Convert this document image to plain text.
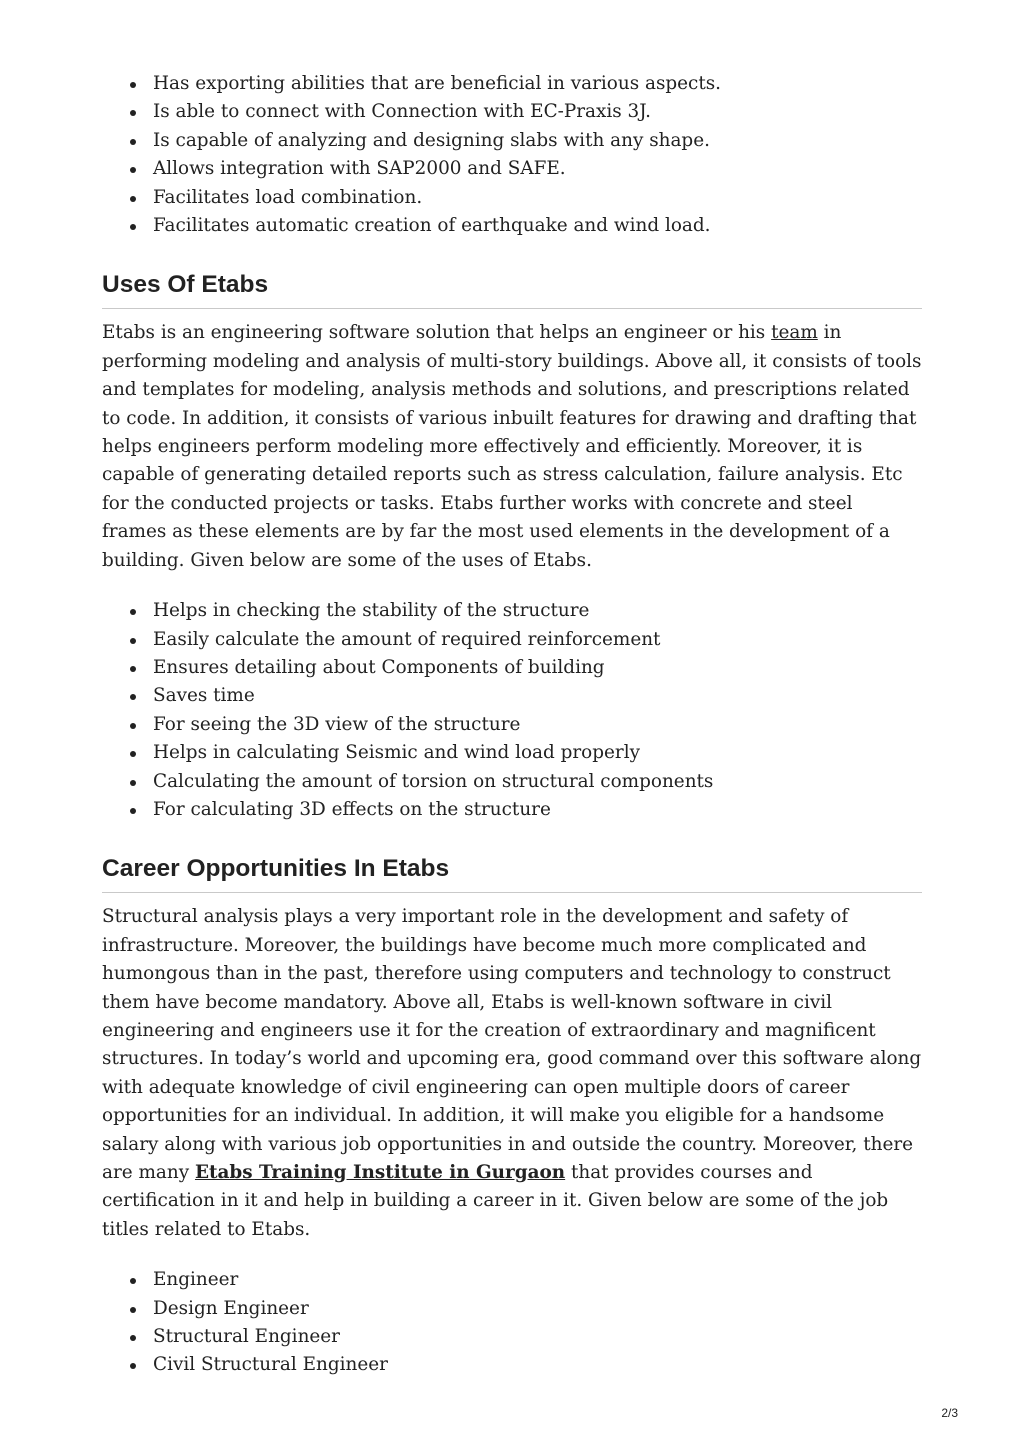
Has exporting abilities that are beneficial in various aspects.
Is able to connect with Connection with EC-Praxis 3J.
Is capable of analyzing and designing slabs with any shape.
Allows integration with SAP2000 and SAFE.
Facilitates load combination.
Facilitates automatic creation of earthquake and wind load.
Uses Of Etabs

Etabs is an engineering software solution that helps an engineer or his team in performing modeling and analysis of multi-story buildings. Above all, it consists of tools and templates for modeling, analysis methods and solutions, and prescriptions related to code. In addition, it consists of various inbuilt features for drawing and drafting that helps engineers perform modeling more effectively and efficiently. Moreover, it is capable of generating detailed reports such as stress calculation, failure analysis. Etc for the conducted projects or tasks. Etabs further works with concrete and steel frames as these elements are by far the most used elements in the development of a building. Given below are some of the uses of Etabs.

Helps in checking the stability of the structure
Easily calculate the amount of required reinforcement
Ensures detailing about Components of building
Saves time
For seeing the 3D view of the structure
Helps in calculating Seismic and wind load properly
Calculating the amount of torsion on structural components
For calculating 3D effects on the structure
Career Opportunities In Etabs

Structural analysis plays a very important role in the development and safety of infrastructure. Moreover, the buildings have become much more complicated and humongous than in the past, therefore using computers and technology to construct them have become mandatory. Above all, Etabs is well-known software in civil engineering and engineers use it for the creation of extraordinary and magnificent structures. In today’s world and upcoming era, good command over this software along with adequate knowledge of civil engineering can open multiple doors of career opportunities for an individual. In addition, it will make you eligible for a handsome salary along with various job opportunities in and outside the country. Moreover, there are many Etabs Training Institute in Gurgaon that provides courses and certification in it and help in building a career in it. Given below are some of the job titles related to Etabs.

Engineer
Design Engineer
Structural Engineer
Civil Structural Engineer
2/3
